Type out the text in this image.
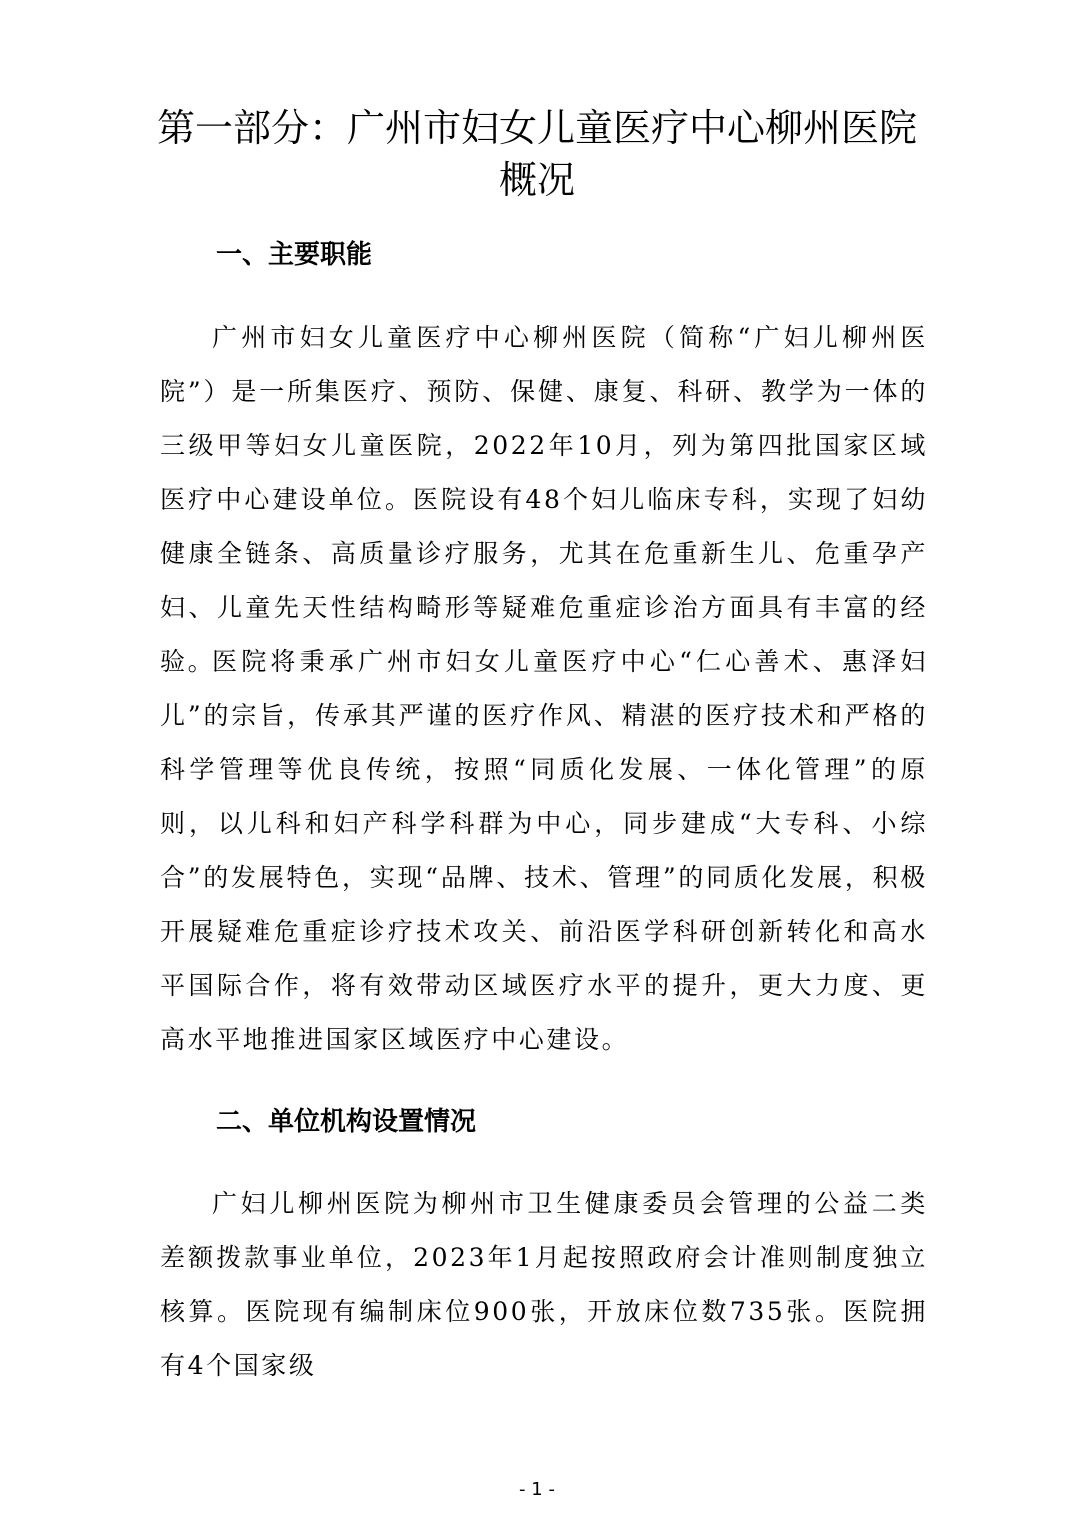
第一部分：广州市妇女儿童医疗中心柳州医院概况
一、主要职能

广州市妇女儿童医疗中心柳州医院（简称“广妇儿柳州医院”）是一所集医疗、预防、保健、康复、科研、教学为一体的三级甲等妇女儿童医院，2022年10月，列为第四批国家区域医疗中心建设单位。医院设有48个妇儿临床专科，实现了妇幼健康全链条、高质量诊疗服务，尤其在危重新生儿、危重孕产妇、儿童先天性结构畸形等疑难危重症诊治方面具有丰富的经验。

医院将秉承广州市妇女儿童医疗中心“仁心善术、惠泽妇儿”的宗旨，传承其严谨的医疗作风、精湛的医疗技术和严格的科学管理等优良传统，按照“同质化发展、一体化管理”的原则，以儿科和妇产科学科群为中心，同步建成“大专科、小综合”的发展特色，实现“品牌、技术、管理”的同质化发展，积极开展疑难危重症诊疗技术攻关、前沿医学科研创新转化和高水平国际合作，将有效带动区域医疗水平的提升，更大力度、更高水平地推进国家区域医疗中心建设。

二、单位机构设置情况

广妇儿柳州医院为柳州市卫生健康委员会管理的公益二类差额拨款事业单位，2023年1月起按照政府会计准则制度独立核算。医院现有编制床位900张，开放床位数735张。医院拥有4个国家级

- 1 -
